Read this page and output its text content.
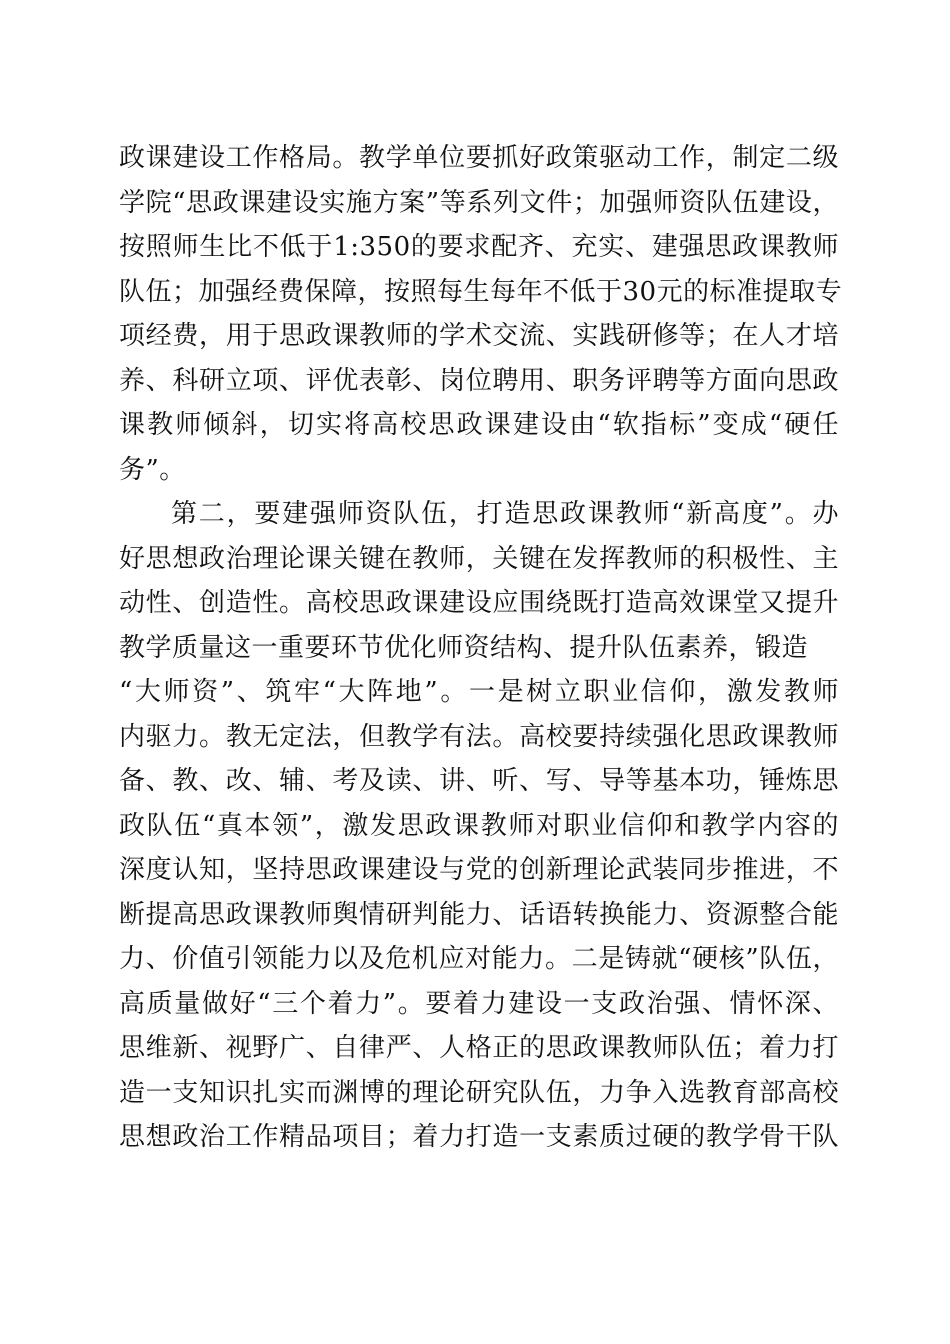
政课建设工作格局。教学单位要抓好政策驱动工作，制定二级
学院“思政课建设实施方案”等系列文件；加强师资队伍建设，
按照师生比不低于1:350的要求配齐、充实、建强思政课教师
队伍；加强经费保障，按照每生每年不低于30元的标准提取专
项经费，用于思政课教师的学术交流、实践研修等；在人才培
养、科研立项、评优表彰、岗位聘用、职务评聘等方面向思政
课教师倾斜，切实将高校思政课建设由“软指标”变成“硬任
务”。
第二，要建强师资队伍，打造思政课教师“新高度”。办
好思想政治理论课关键在教师，关键在发挥教师的积极性、主
动性、创造性。高校思政课建设应围绕既打造高效课堂又提升
教学质量这一重要环节优化师资结构、提升队伍素养，锻造
“大师资”、筑牢“大阵地”。一是树立职业信仰，激发教师
内驱力。教无定法，但教学有法。高校要持续强化思政课教师
备、教、改、辅、考及读、讲、听、写、导等基本功，锤炼思
政队伍“真本领”，激发思政课教师对职业信仰和教学内容的
深度认知，坚持思政课建设与党的创新理论武装同步推进，不
断提高思政课教师舆情研判能力、话语转换能力、资源整合能
力、价值引领能力以及危机应对能力。二是铸就“硬核”队伍，
高质量做好“三个着力”。要着力建设一支政治强、情怀深、
思维新、视野广、自律严、人格正的思政课教师队伍；着力打
造一支知识扎实而渊博的理论研究队伍，力争入选教育部高校
思想政治工作精品项目；着力打造一支素质过硬的教学骨干队
